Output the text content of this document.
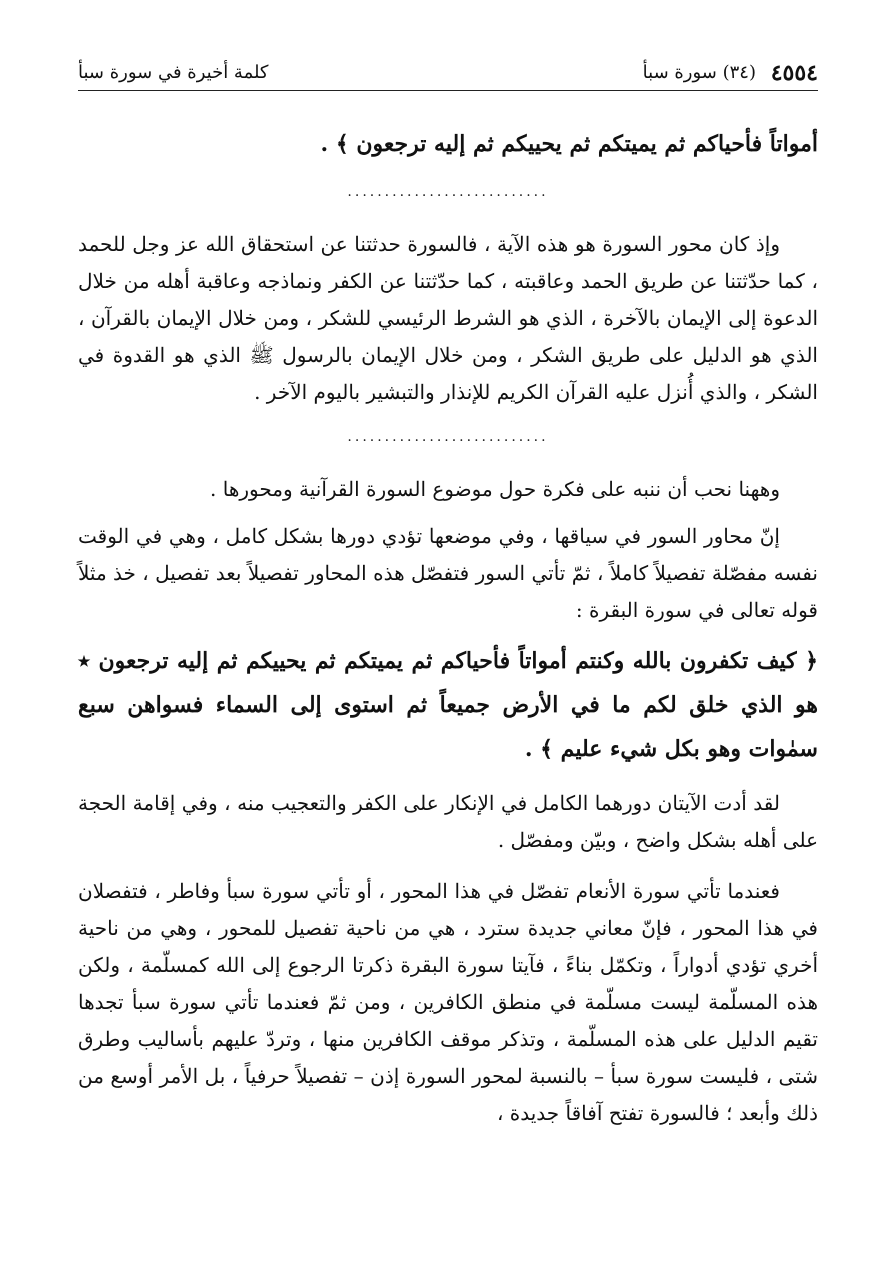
٤٥٥٤
(٣٤) سورة سبأ
كلمة أخيرة في سورة سبأ

أمواتاً فأحياكم ثم يميتكم ثم يحييكم ثم إليه ترجعون ﴾ .

...........................

وإذ كان محور السورة هو هذه الآية ، فالسورة حدثتنا عن استحقاق الله عز وجل للحمد ، كما حدّثتنا عن طريق الحمد وعاقبته ، كما حدّثتنا عن الكفر ونماذجه وعاقبة أهله من خلال الدعوة إلى الإيمان بالآخرة ، الذي هو الشرط الرئيسي للشكر ، ومن خلال الإيمان بالقرآن ، الذي هو الدليل على طريق الشكر ، ومن خلال الإيمان بالرسول ﷺ الذي هو القدوة في الشكر ، والذي أُنزل عليه القرآن الكريم للإنذار والتبشير باليوم الآخر .

...........................

وههنا نحب أن ننبه على فكرة حول موضوع السورة القرآنية ومحورها .

إنّ محاور السور في سياقها ، وفي موضعها تؤدي دورها بشكل كامل ، وهي في الوقت نفسه مفصّلة تفصيلاً كاملاً ، ثمّ تأتي السور فتفصّل هذه المحاور تفصيلاً بعد تفصيل ، خذ مثلاً قوله تعالى في سورة البقرة :

﴿ كيف تكفرون بالله وكنتم أمواتاً فأحياكم ثم يميتكم ثم يحييكم ثم إليه ترجعون ٭ هو الذي خلق لكم ما في الأرض جميعاً ثم استوى إلى السماء فسواهن سبع سمٰوات وهو بكل شيء عليم ﴾ .

لقد أدت الآيتان دورهما الكامل في الإنكار على الكفر والتعجيب منه ، وفي إقامة الحجة على أهله بشكل واضح ، وبيّن ومفصّل .

فعندما تأتي سورة الأنعام تفصّل في هذا المحور ، أو تأتي سورة سبأ وفاطر ، فتفصلان في هذا المحور ، فإنّ معاني جديدة سترد ، هي من ناحية تفصيل للمحور ، وهي من ناحية أخري تؤدي أدواراً ، وتكمّل بناءً ، فآيتا سورة البقرة ذكرتا الرجوع إلى الله كمسلّمة ، ولكن هذه المسلّمة ليست مسلّمة في منطق الكافرين ، ومن ثمّ فعندما تأتي سورة سبأ تجدها تقيم الدليل على هذه المسلّمة ، وتذكر موقف الكافرين منها ، وتردّ عليهم بأساليب وطرق شتى ، فليست سورة سبأ – بالنسبة لمحور السورة إذن – تفصيلاً حرفياً ، بل الأمر أوسع من ذلك وأبعد ؛ فالسورة تفتح آفاقاً جديدة ،
